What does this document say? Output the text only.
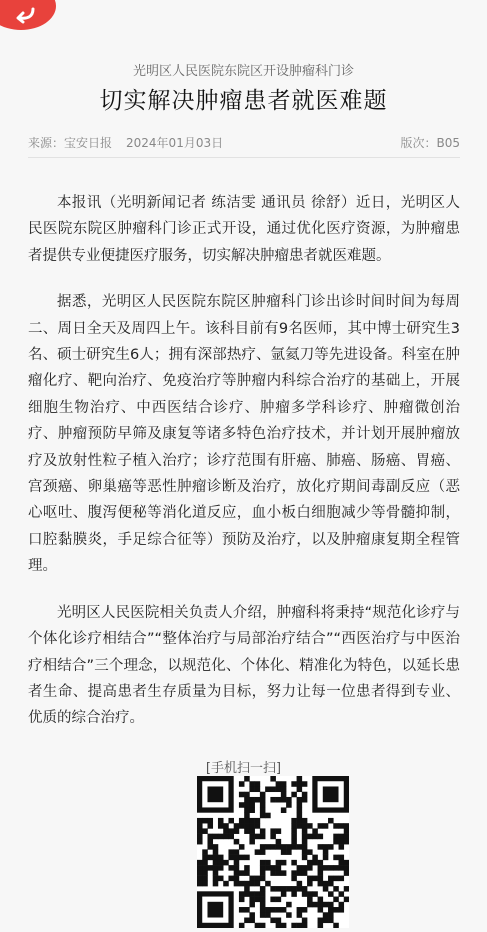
光明区人民医院东院区开设肿瘤科门诊
切实解决肿瘤患者就医难题
来源：宝安日报 2024年01月03日	版次：B05

本报讯（光明新闻记者 练洁雯 通讯员 徐舒）近日，光明区人民医院东院区肿瘤科门诊正式开设，通过优化医疗资源，为肿瘤患者提供专业便捷医疗服务，切实解决肿瘤患者就医难题。

据悉，光明区人民医院东院区肿瘤科门诊出诊时间时间为每周二、周日全天及周四上午。该科目前有9名医师，其中博士研究生3名、硕士研究生6人；拥有深部热疗、氩氦刀等先进设备。科室在肿瘤化疗、靶向治疗、免疫治疗等肿瘤内科综合治疗的基础上，开展细胞生物治疗、中西医结合诊疗、肿瘤多学科诊疗、肿瘤微创治疗、肿瘤预防早筛及康复等诸多特色治疗技术，并计划开展肿瘤放疗及放射性粒子植入治疗；诊疗范围有肝癌、肺癌、肠癌、胃癌、宫颈癌、卵巢癌等恶性肿瘤诊断及治疗，放化疗期间毒副反应（恶心呕吐、腹泻便秘等消化道反应，血小板白细胞减少等骨髓抑制，口腔黏膜炎，手足综合征等）预防及治疗，以及肿瘤康复期全程管理。

光明区人民医院相关负责人介绍，肿瘤科将秉持“规范化诊疗与个体化诊疗相结合”“整体治疗与局部治疗结合”“西医治疗与中医治疗相结合”三个理念，以规范化、个体化、精准化为特色，以延长患者生命、提高患者生存质量为目标，努力让每一位患者得到专业、优质的综合治疗。

[手机扫一扫]
